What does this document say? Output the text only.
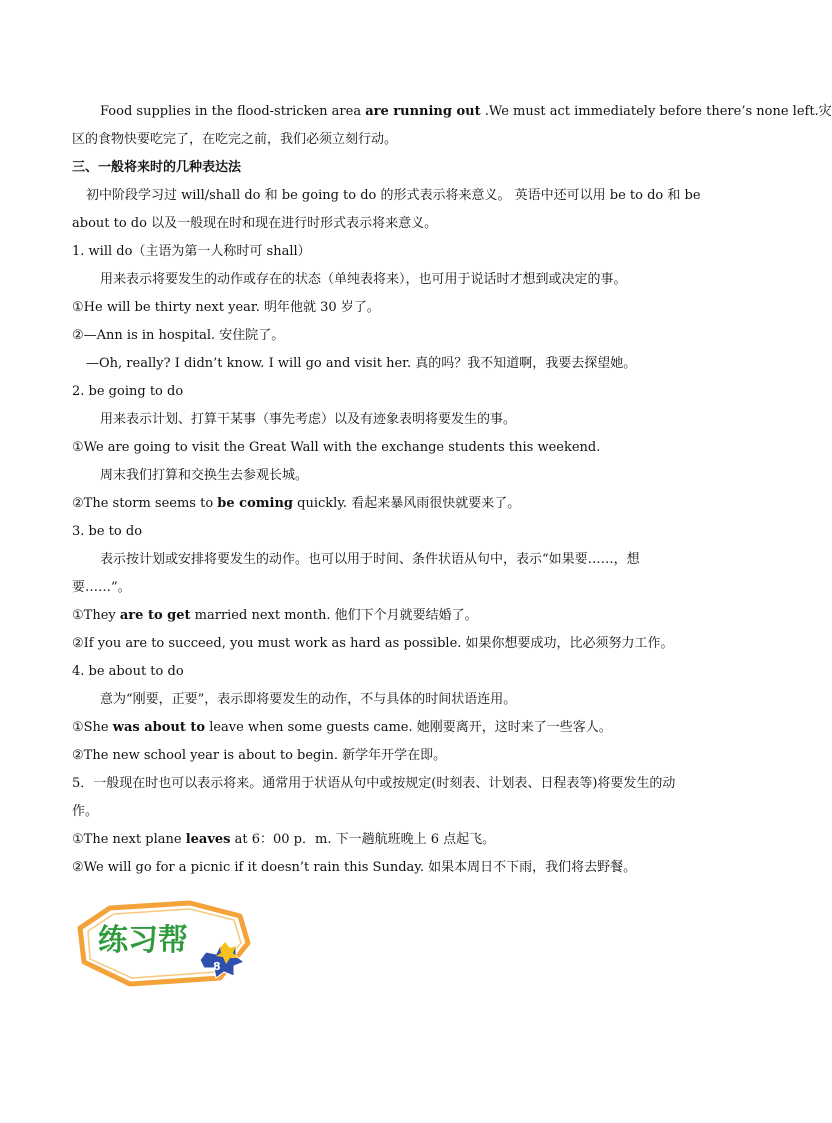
Food supplies in the flood-stricken area are running out .We must act immediately before there’s none left.灾
区的食物快要吃完了，在吃完之前，我们必须立刻行动。
三、一般将来时的几种表达法
初中阶段学习过 will/shall do 和 be going to do 的形式表示将来意义。 英语中还可以用 be to do 和 be
about to do 以及一般现在时和现在进行时形式表示将来意义。
1. will do（主语为第一人称时可 shall）
用来表示将要发生的动作或存在的状态（单纯表将来），也可用于说话时才想到或决定的事。
①He will be thirty next year. 明年他就 30 岁了。
②—Ann is in hospital. 安住院了。
—Oh, really? I didn’t know. I will go and visit her. 真的吗？我不知道啊，我要去探望她。
2. be going to do
用来表示计划、打算干某事（事先考虑）以及有迹象表明将要发生的事。
①We are going to visit the Great Wall with the exchange students this weekend.
周末我们打算和交换生去参观长城。
②The storm seems to be coming quickly. 看起来暴风雨很快就要来了。
3. be to do
表示按计划或安排将要发生的动作。也可以用于时间、条件状语从句中，表示“如果要……，想
要……”。
①They are to get married next month. 他们下个月就要结婚了。
②If you are to succeed, you must work as hard as possible. 如果你想要成功，比必须努力工作。
4. be about to do
意为“刚要，正要”，表示即将要发生的动作，不与具体的时间状语连用。
①She was about to leave when some guests came. 她刚要离开，这时来了一些客人。
②The new school year is about to begin. 新学年开学在即。
5．一般现在时也可以表示将来。通常用于状语从句中或按规定(时刻表、计划表、日程表等)将要发生的动
作。
①The next plane leaves at 6：00 p．m. 下一趟航班晚上 6 点起飞。
②We will go for a picnic if it doesn’t rain this Sunday. 如果本周日不下雨，我们将去野餐。
练习帮
8
